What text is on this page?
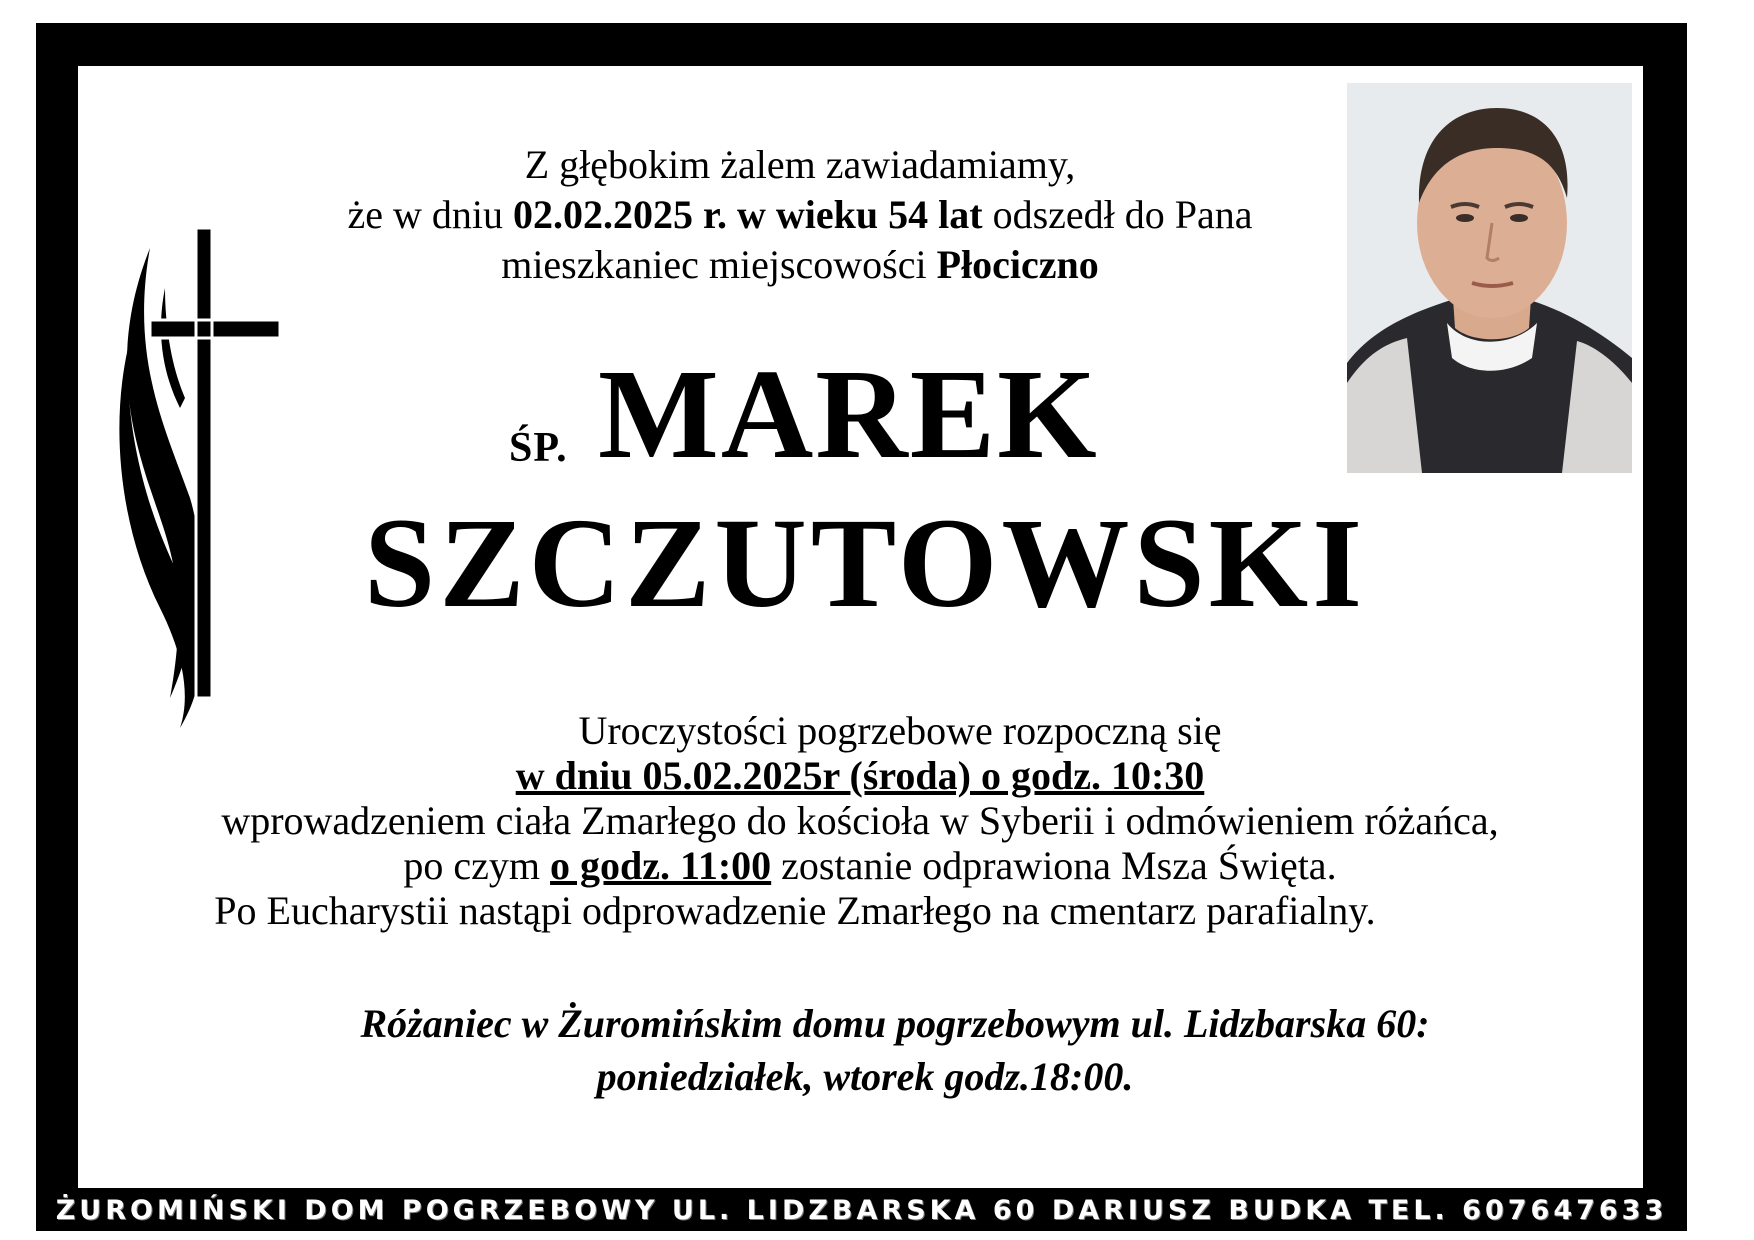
Z głębokim żalem zawiadamiamy,

że w dniu 02.02.2025 r. w wieku 54 lat odszedł do Pana

mieszkaniec miejscowości Płociczno

ŚP. MAREK
SZCZUTOWSKI

Uroczystości pogrzebowe rozpoczną się

w dniu 05.02.2025r (środa) o godz. 10:30

wprowadzeniem ciała Zmarłego do kościoła w Syberii i odmówieniem różańca,

po czym o godz. 11:00 zostanie odprawiona Msza Święta.

Po Eucharystii nastąpi odprowadzenie Zmarłego na cmentarz parafialny.

Różaniec w Żuromińskim domu pogrzebowym ul. Lidzbarska 60:

poniedziałek, wtorek godz.18:00.

ŻUROMIŃSKI DOM POGRZEBOWY UL. LIDZBARSKA 60 DARIUSZ BUDKA TEL. 607647633
